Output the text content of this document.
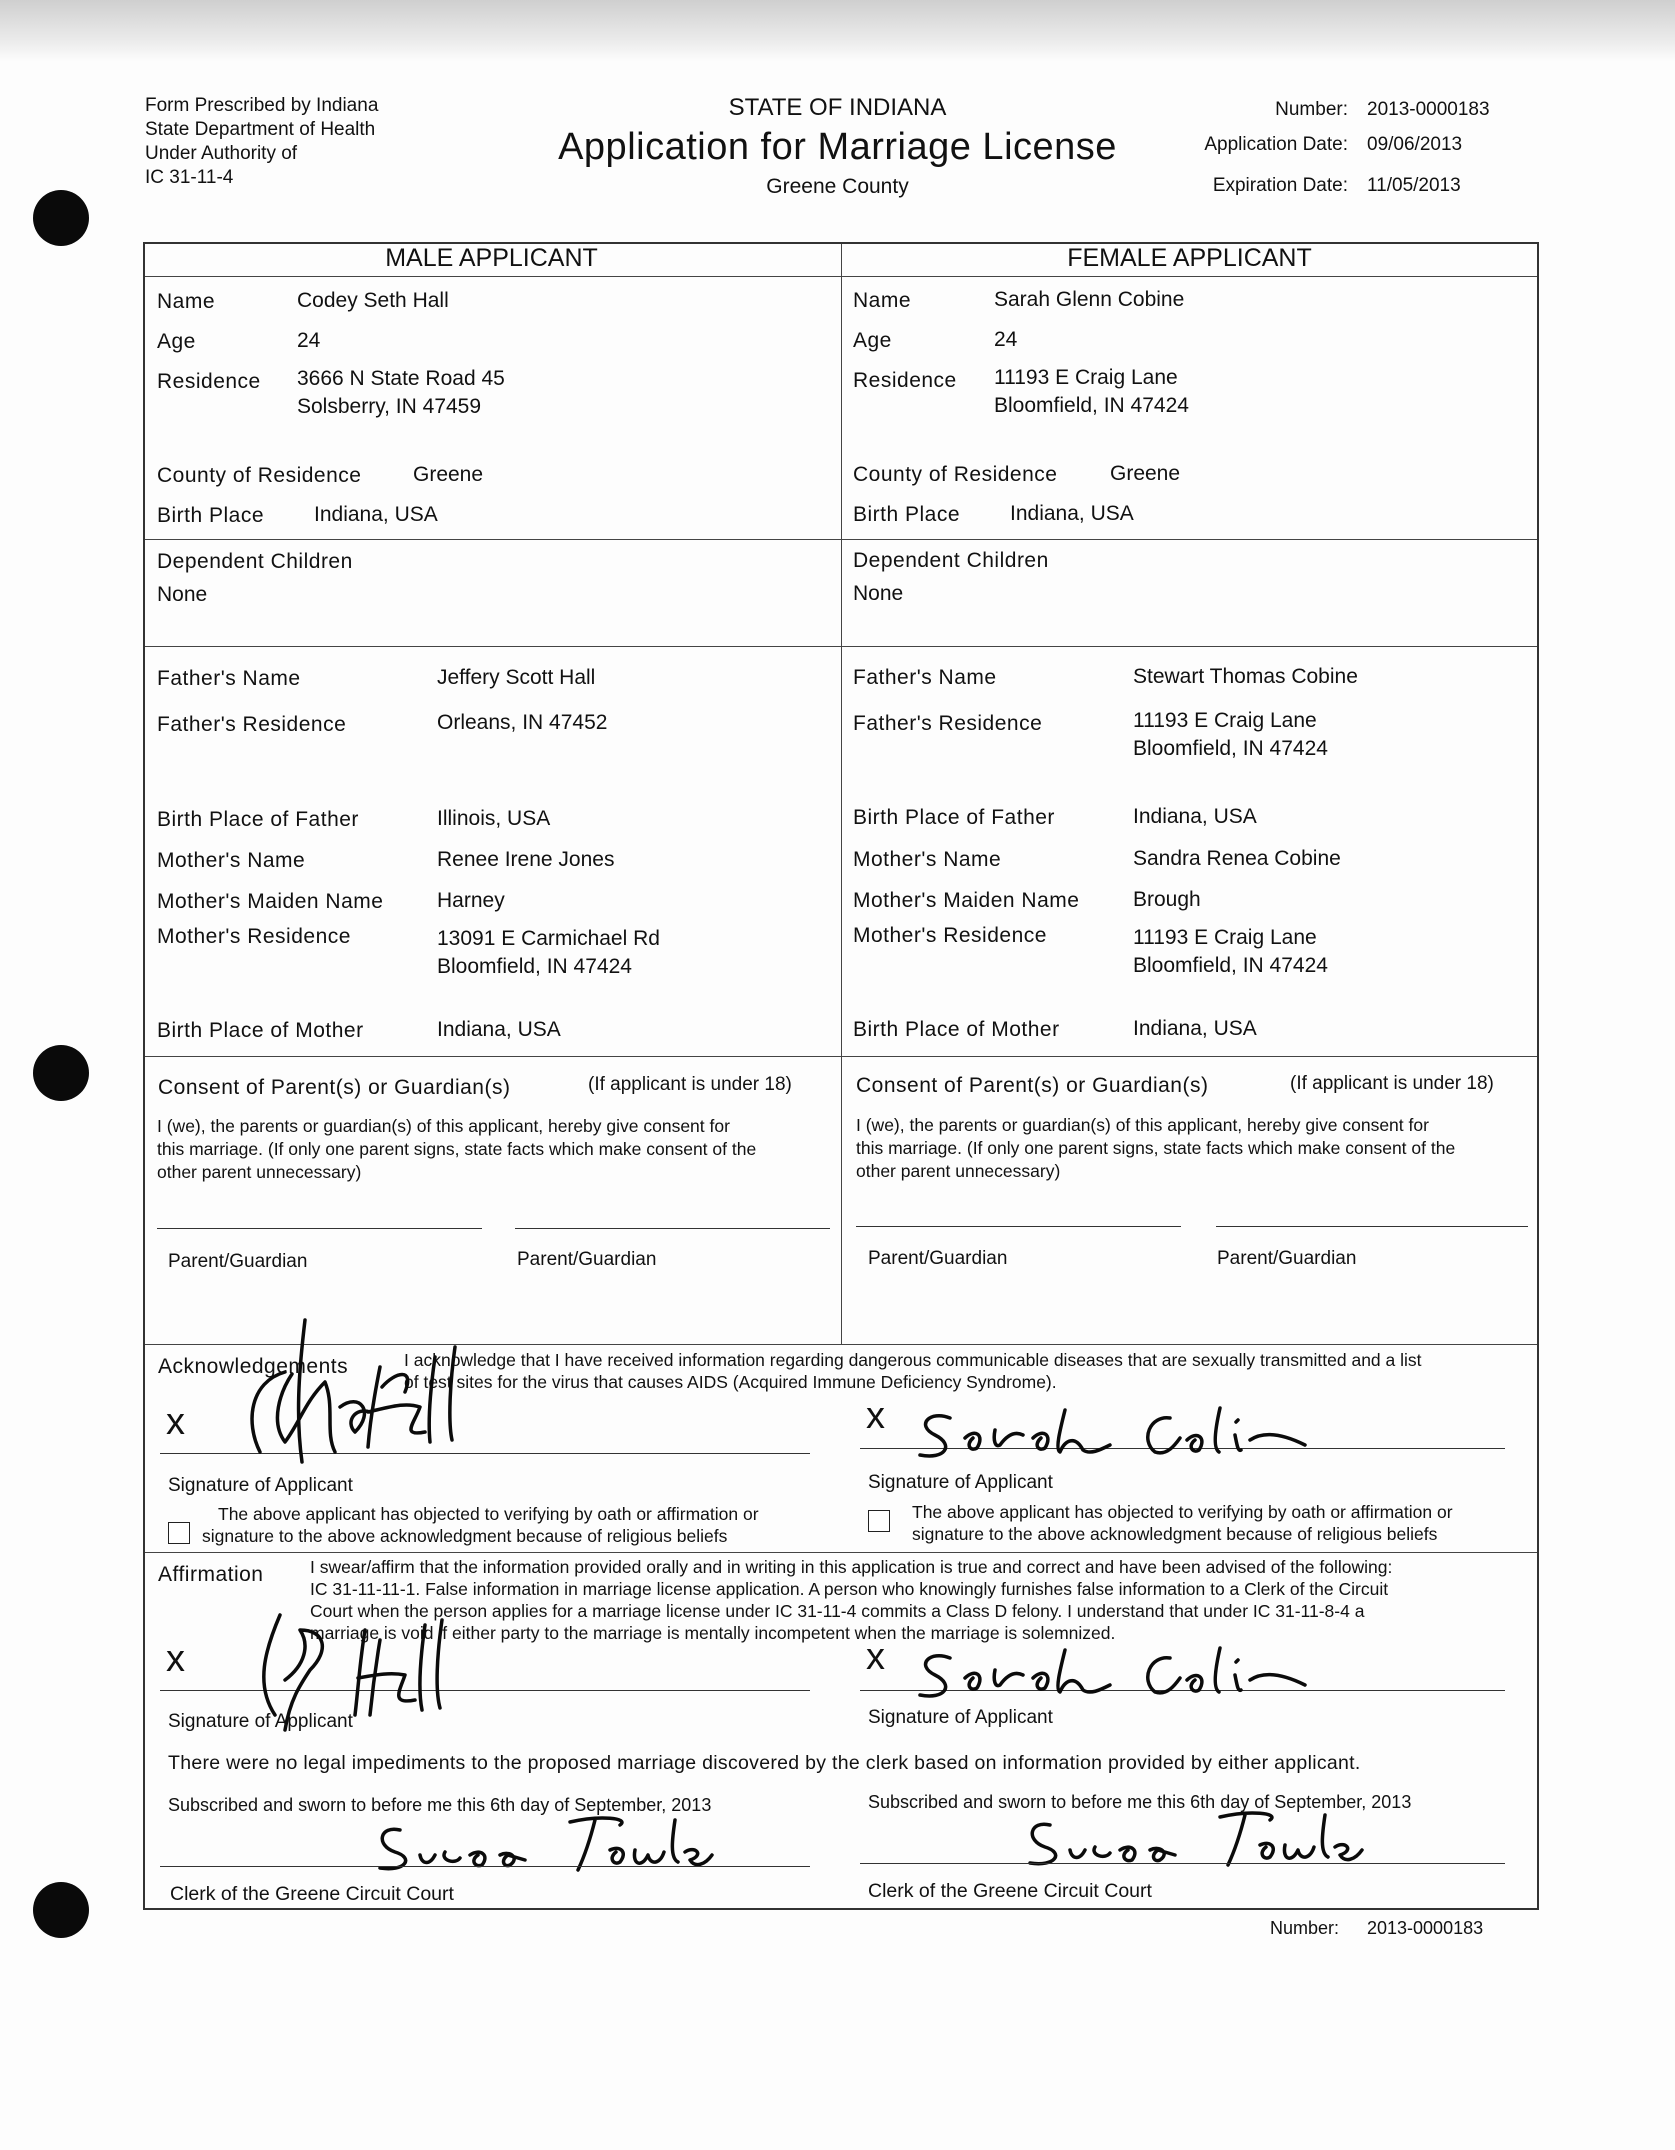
Form Prescribed by Indiana
State Department of Health
Under Authority of
IC 31-11-4
STATE OF INDIANA
Application for Marriage License
Greene County
Number: 2013-0000183
Application Date: 09/06/2013
Expiration Date: 11/05/2013
MALE APPLICANT	FEMALE APPLICANT
Name	Codey Seth Hall
Age	24
Residence 3666 N State Road 45
Solsberry, IN 47459
County of Residence Greene
Birth Place Indiana, USA
Dependent Children
None
Father's Name	Jeffery Scott Hall
Father's Residence	Orleans, IN 47452
Birth Place of Father	Illinois, USA
Mother's Name	Renee Irene Jones
Mother's Maiden Name	Harney
Mother's Residence	13091 E Carmichael Rd
Bloomfield, IN 47424
Birth Place of Mother	Indiana, USA
Consent of Parent(s) or Guardian(s)	(If applicant is under 18)
I (we), the parents or guardian(s) of this applicant, hereby give consent for
this marriage. (If only one parent signs, state facts which make consent of the
other parent unnecessary)
Parent/Guardian	Parent/Guardian
Name	Sarah Glenn Cobine
Age	24
Residence 11193 E Craig Lane
Bloomfield, IN 47424
County of Residence	Greene
Birth Place Indiana, USA
Dependent Children
None
Father's Name	Stewart Thomas Cobine
Father's Residence	11193 E Craig Lane
Bloomfield, IN 47424
Birth Place of Father	Indiana, USA
Mother's Name	Sandra Renea Cobine
Mother's Maiden Name	Brough
Mother's Residence	11193 E Craig Lane
Bloomfield, IN 47424
Birth Place of Mother	Indiana, USA
Consent of Parent(s) or Guardian(s)	(If applicant is under 18)
I (we), the parents or guardian(s) of this applicant, hereby give consent for
this marriage. (If only one parent signs, state facts which make consent of the
other parent unnecessary)
Parent/Guardian	Parent/Guardian
Acknowledgements	I acknowledge that I have received information regarding dangerous communicable diseases that are sexually transmitted and a list
of test sites for the virus that causes AIDS (Acquired Immune Deficiency Syndrome).
x	x
Signature of Applicant	Signature of Applicant
The above applicant has objected to verifying by oath or affirmation or
signature to the above acknowledgment because of religious beliefs
The above applicant has objected to verifying by oath or affirmation or
signature to the above acknowledgment because of religious beliefs
Affirmation	I swear/affirm that the information provided orally and in writing in this application is true and correct and have been advised of the following:
IC 31-11-11-1. False information in marriage license application. A person who knowingly furnishes false information to a Clerk of the Circuit
Court when the person applies for a marriage license under IC 31-11-4 commits a Class D felony. I understand that under IC 31-11-8-4 a
marriage is void if either party to the marriage is mentally incompetent when the marriage is solemnized.
x	x
Signature of Applicant	Signature of Applicant
There were no legal impediments to the proposed marriage discovered by the clerk based on information provided by either applicant.
Subscribed and sworn to before me this 6th day of September, 2013	Subscribed and sworn to before me this 6th day of September, 2013
Clerk of the Greene Circuit Court	Clerk of the Greene Circuit Court
Number: 2013-0000183
